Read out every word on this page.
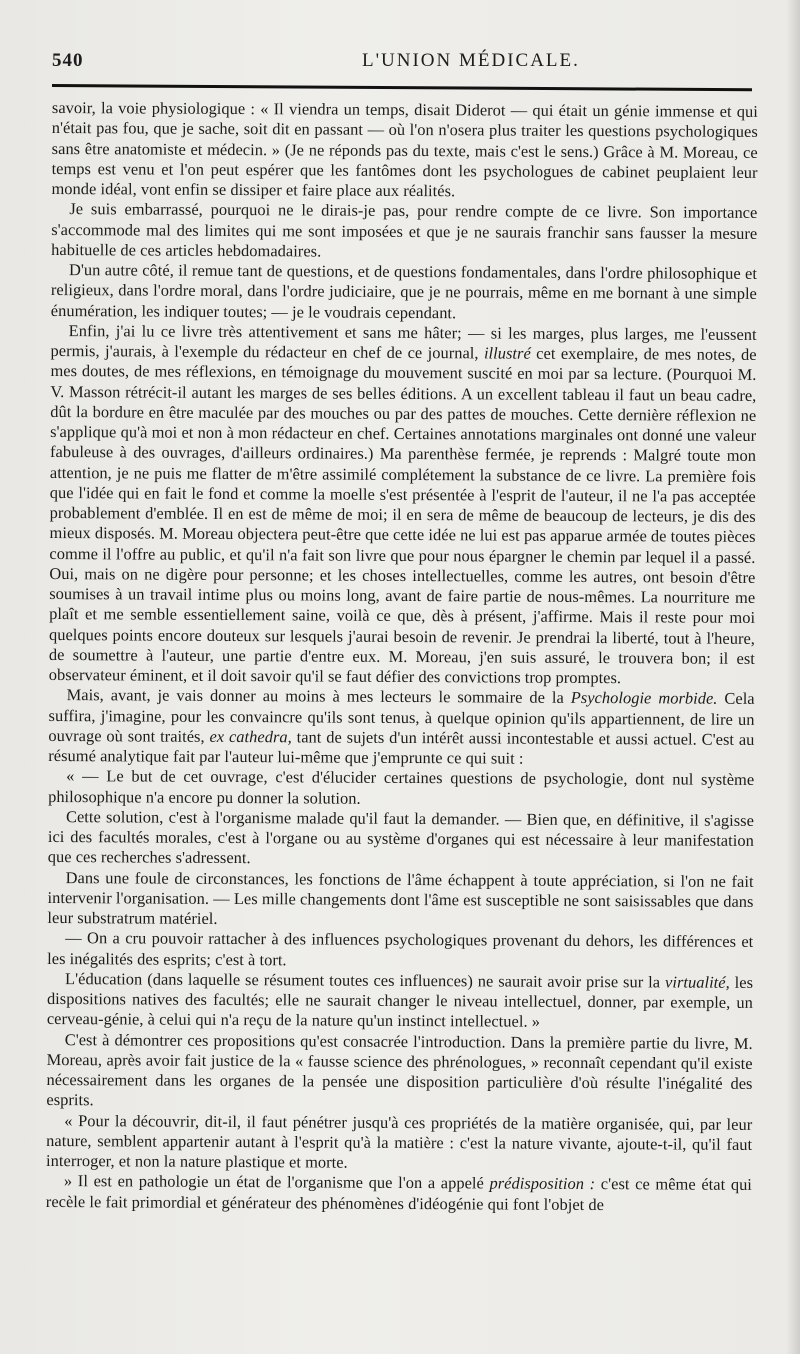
540	L'UNION MÉDICALE.

savoir, la voie physiologique : « Il viendra un temps, disait Diderot — qui était un génie immense et qui n'était pas fou, que je sache, soit dit en passant — où l'on n'osera plus traiter les questions psychologiques sans être anatomiste et médecin. » (Je ne réponds pas du texte, mais c'est le sens.) Grâce à M. Moreau, ce temps est venu et l'on peut espérer que les fantômes dont les psychologues de cabinet peuplaient leur monde idéal, vont enfin se dissiper et faire place aux réalités.

Je suis embarrassé, pourquoi ne le dirais-je pas, pour rendre compte de ce livre. Son importance s'accommode mal des limites qui me sont imposées et que je ne saurais franchir sans fausser la mesure habituelle de ces articles hebdomadaires.

D'un autre côté, il remue tant de questions, et de questions fondamentales, dans l'ordre philosophique et religieux, dans l'ordre moral, dans l'ordre judiciaire, que je ne pourrais, même en me bornant à une simple énumération, les indiquer toutes; — je le voudrais cependant.

Enfin, j'ai lu ce livre très attentivement et sans me hâter; — si les marges, plus larges, me l'eussent permis, j'aurais, à l'exemple du rédacteur en chef de ce journal, illustré cet exemplaire, de mes notes, de mes doutes, de mes réflexions, en témoignage du mouvement suscité en moi par sa lecture. (Pourquoi M. V. Masson rétrécit-il autant les marges de ses belles éditions. A un excellent tableau il faut un beau cadre, dût la bordure en être maculée par des mouches ou par des pattes de mouches. Cette dernière réflexion ne s'applique qu'à moi et non à mon rédacteur en chef. Certaines annotations marginales ont donné une valeur fabuleuse à des ouvrages, d'ailleurs ordinaires.) Ma parenthèse fermée, je reprends : Malgré toute mon attention, je ne puis me flatter de m'être assimilé complétement la substance de ce livre. La première fois que l'idée qui en fait le fond et comme la moelle s'est présentée à l'esprit de l'auteur, il ne l'a pas acceptée probablement d'emblée. Il en est de même de moi; il en sera de même de beaucoup de lecteurs, je dis des mieux disposés. M. Moreau objectera peut-être que cette idée ne lui est pas apparue armée de toutes pièces comme il l'offre au public, et qu'il n'a fait son livre que pour nous épargner le chemin par lequel il a passé. Oui, mais on ne digère pour personne; et les choses intellectuelles, comme les autres, ont besoin d'être soumises à un travail intime plus ou moins long, avant de faire partie de nous-mêmes. La nourriture me plaît et me semble essentiellement saine, voilà ce que, dès à présent, j'affirme. Mais il reste pour moi quelques points encore douteux sur lesquels j'aurai besoin de revenir. Je prendrai la liberté, tout à l'heure, de soumettre à l'auteur, une partie d'entre eux. M. Moreau, j'en suis assuré, le trouvera bon; il est observateur éminent, et il doit savoir qu'il se faut défier des convictions trop promptes.

Mais, avant, je vais donner au moins à mes lecteurs le sommaire de la Psychologie morbide. Cela suffira, j'imagine, pour les convaincre qu'ils sont tenus, à quelque opinion qu'ils appartiennent, de lire un ouvrage où sont traités, ex cathedra, tant de sujets d'un intérêt aussi incontestable et aussi actuel. C'est au résumé analytique fait par l'auteur lui-même que j'emprunte ce qui suit :

« — Le but de cet ouvrage, c'est d'élucider certaines questions de psychologie, dont nul système philosophique n'a encore pu donner la solution.

Cette solution, c'est à l'organisme malade qu'il faut la demander. — Bien que, en définitive, il s'agisse ici des facultés morales, c'est à l'organe ou au système d'organes qui est nécessaire à leur manifestation que ces recherches s'adressent.

Dans une foule de circonstances, les fonctions de l'âme échappent à toute appréciation, si l'on ne fait intervenir l'organisation. — Les mille changements dont l'âme est susceptible ne sont saisissables que dans leur substratrum matériel.

— On a cru pouvoir rattacher à des influences psychologiques provenant du dehors, les différences et les inégalités des esprits; c'est à tort.

L'éducation (dans laquelle se résument toutes ces influences) ne saurait avoir prise sur la virtualité, les dispositions natives des facultés; elle ne saurait changer le niveau intellectuel, donner, par exemple, un cerveau-génie, à celui qui n'a reçu de la nature qu'un instinct intellectuel. »

C'est à démontrer ces propositions qu'est consacrée l'introduction. Dans la première partie du livre, M. Moreau, après avoir fait justice de la « fausse science des phrénologues, » reconnaît cependant qu'il existe nécessairement dans les organes de la pensée une disposition particulière d'où résulte l'inégalité des esprits.

« Pour la découvrir, dit-il, il faut pénétrer jusqu'à ces propriétés de la matière organisée, qui, par leur nature, semblent appartenir autant à l'esprit qu'à la matière : c'est la nature vivante, ajoute-t-il, qu'il faut interroger, et non la nature plastique et morte.

» Il est en pathologie un état de l'organisme que l'on a appelé prédisposition : c'est ce même état qui recèle le fait primordial et générateur des phénomènes d'idéogénie qui font l'objet de
